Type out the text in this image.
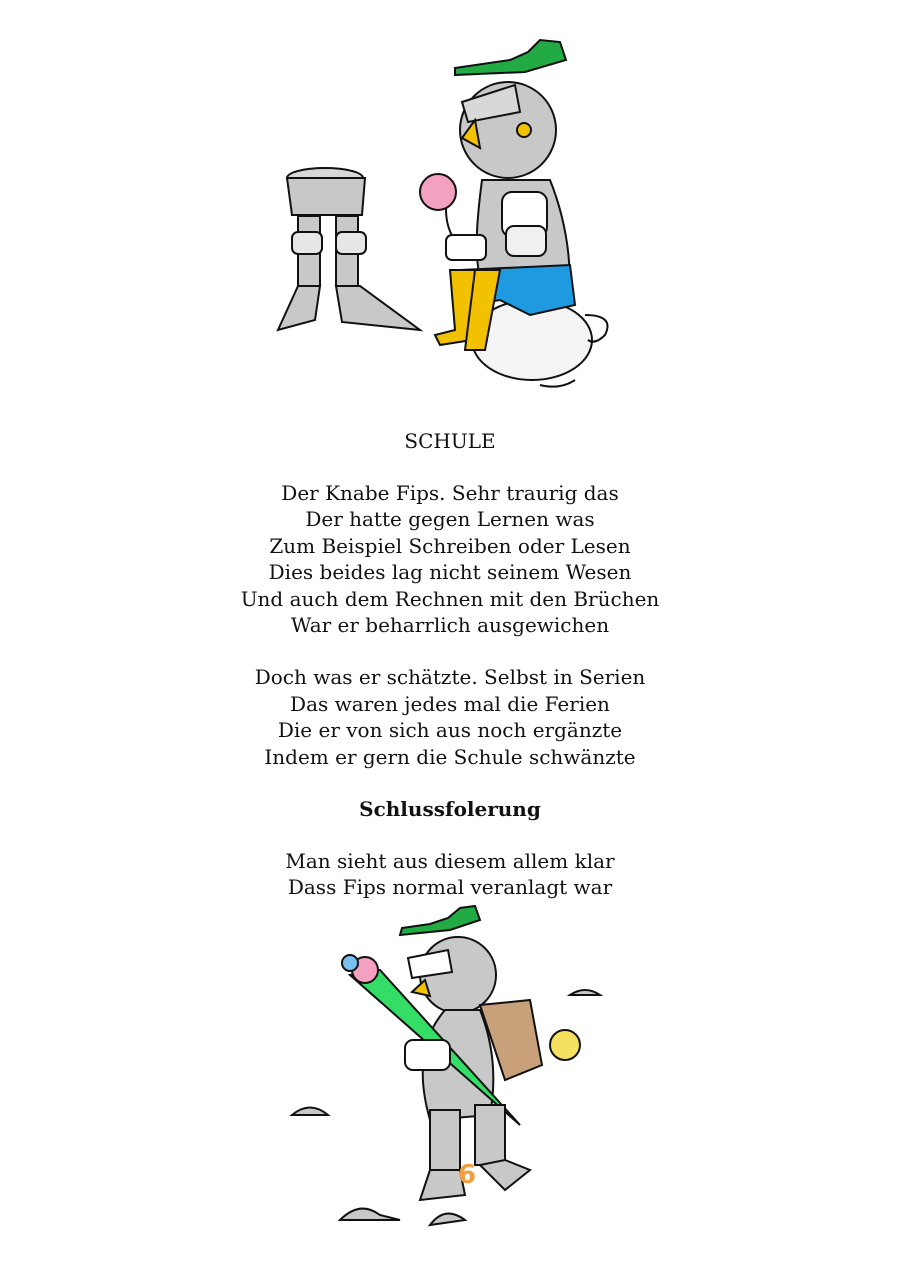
SCHULE
Der Knabe Fips. Sehr traurig das
Der hatte gegen Lernen was
Zum Beispiel Schreiben oder Lesen
Dies beides lag nicht seinem Wesen
Und auch dem Rechnen mit den Brüchen
War er beharrlich ausgewichen
Doch was er schätzte. Selbst in Serien
Das waren jedes mal die Ferien
Die er von sich aus noch ergänzte
Indem er gern die Schule schwänzte
Schlussfolerung
Man sieht aus diesem allem klar
Dass Fips normal veranlagt war
6
